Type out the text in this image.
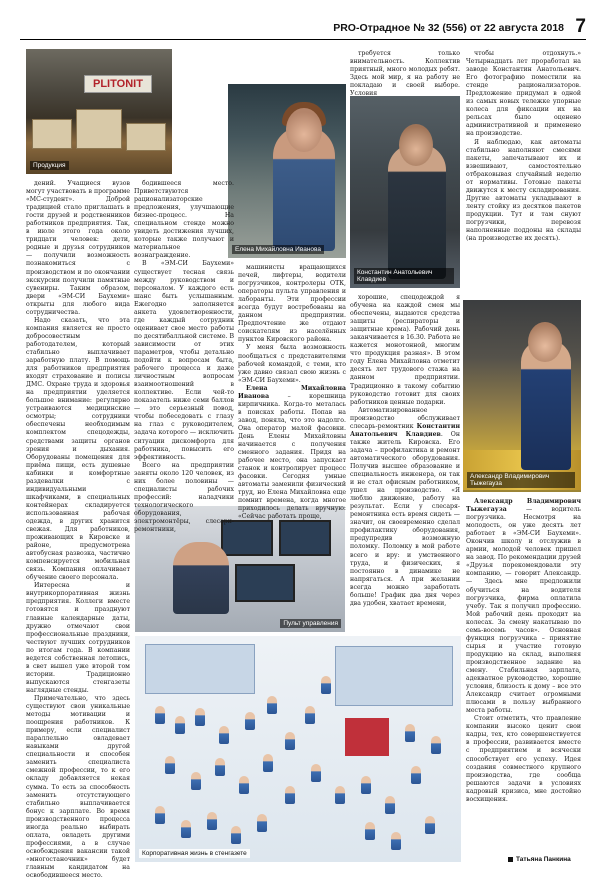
PRO-Отрадное № 32 (556) от 22 августа 2018 7
PLITONIT
Продукция
Елена Михайловна Иванова
Константин Анатольевич Клавдиев
Александр Владимирович Тыжегауза
Пульт управления
Корпоративная жизнь в стенгазете

дений. Учащиеся вузов могут участвовать в программе «МС-студент». Доброй традицией стало приглашать в гости друзей и родственников работников предприятия. Так, в июле этого года около тридцати человек: дети, родные и друзья сотрудников — получили возможность познакомиться с производством и по окончании экскурсии получили памятные сувениры. Таким образом, двери «ЭМ-СИ Баухеми» открыты для любого вида сотрудничества.

Надо сказать, что эта компания является не просто добросовестным работодателем, который стабильно выплачивает заработную плату. В помощь для работников предприятия входят страхование и полисы ДМС. Охране труда и здоровья на предприятии уделяется большое внимание: регулярно устраиваются медицинские осмотры; сотрудники обеспечены необходимым комплектом спецодежды, средствами защиты органов зрения и дыхания. Оборудованы помещения для приёма пищи, есть душевые кабинки и комфортные раздевалки с индивидуальными шкафчиками, в специальных контейнерах складируется использованная рабочая одежда, в других хранится свежая. Для работников, проживающих в Кировске и районе, предусмотрена автобусная развозка, частично компенсируется мобильная связь. Компания оплачивает обучение своего персонала.

Интересна и внутрикорпоративная жизнь предприятия. Коллеги вместе готовятся и празднуют главные календарные даты, дружно отмечают свои профессиональные праздники, чествуют лучших сотрудников по итогам года. В компании ведется собственная летопись, в свет вышел уже второй том истории. Традиционно выпускаются стенгазеты наглядные стенды.

Примечательно, что здесь существуют свои уникальные методы мотивации и поощрения работников. К примеру, если специалист параллельно овладевает навыками другой специальности и способен заменить специалиста смежной профессии, то к его окладу добавляется некая сумма. То есть за способность заменить отсутствующего стабильно выплачивается бонус к зарплате. Во время производственного процесса иногда реально выбирать оплата, овладеть другими профессиями, а в случае освобождения вакансии такой «многостаночник» будет главным кандидатом на освободившееся место.

бодившееся место. Приветствуются рационализаторские предложения, улучшающие бизнес-процесс. На специальном стенде можно увидеть достижения лучших, которые также получают и материальное вознаграждение.

В «ЭМ-СИ Баухеми» существует тесная связь между руководством и персоналом. У каждого есть шанс быть услышанным. Ежегодно заполняется анкета удовлетворенности, где каждый сотрудник оценивает свое место работы по десятибалльной системе. В зависимости от этих параметров, чтобы детально подойти к вопросам быта, рабочего процесса и даже личностным вопросам взаимоотношений в коллективе. Если чей-то показатель ниже семи баллов — это серьезный повод, чтобы побеседовать с глазу на глаз с руководителем, задача которого — исключить ситуации дискомфорта для работника, повысить его эффективность.

Всего на предприятии заняты около 120 человек, из них более половины — специалисты рабочих профессий: наладчики технологического оборудования, электромонтёры, слесари-ремонтники,

машинисты вращающихся печей, лифтеры, водители погрузчиков, контролеры ОТК, операторы пульта управления и лаборанты. Эти профессии всегда будут востребованы на данном предприятии. Предпочтение же отдают соискателям из населённых пунктов Кировского района.

У меня была возможность пообщаться с представителями рабочей командой, с теми, кто уже давно связал свою жизнь с «ЭМ-СИ Баухеми».

Елена Михайловна Иванова – корешница кирпичника. Когда-то металась в поисках работы. Попав на завод, поняла, что это надолго. Она оператор малой фасовки. День Елены Михайловны начинается с получения сменного задания. Придя на рабочее место, она запускает станок и контролирует процесс фасовки. Сегодня умные автоматы заменили физический труд, но Елена Михайловна еще помнит времена, когда многое приходилось делать вручную: «Сейчас работать проще,

требуется только внимательность. Коллектив приятный, много молодых ребят. Здесь мой мир, я на работу не покладаю и своей выборе. Условия

хорошие, спецодеждой я обучена на каждой смен мы обеспечены, выдаются средства защиты (респираторы и защитные крема). Рабочий день заканчивается в 16.30. Работа не кажется монотонной, многим что продукция разная». В этом году Елена Михайловна отметит десять лет трудового стажа на данном предприятии. Традиционно в такому событию руководство готовит для своих работников ценные подарки.

Автоматизированное производство обслуживает слесарь-ремонтник Константин Анатольевич Клавдиев. Он также житель Кировска. Его задача – профилактика и ремонт автоматического оборудования. Получив высшее образование и специальность инженера, он так и не стал офисным работником, ушел на производство. «Я люблю движение, работу на результат. Если у слесаря-ремонтника есть время сидеть — значит, он своевременно сделал профилактику оборудования, предупредив возможную поломку. Поломку в мой работе всего и вру: и умственного труда, и физических, я постоянно в динамике не напрягаться. А при желании всегда можно заработать больше! График два дня через два удобен, хватает времени,

чтобы отдохнуть.» Четырнадцать лет проработал на заводе Константин Анатольевич. Его фотографию поместили на стенде рационализаторов. Предложение придумал в одной из самых новых тележке упорные колеса для фиксации их на рельсах было оценено административной и применено на производстве.

Я наблюдаю, как автоматы стабильно наполняют смесями пакеты, запечатывают их и взвешивают, самостоятельно отбраковывая случайный неделю от нормативы. Готовые пакеты движутся к месту складирования. Другие автоматы укладывают в ленту стойку из десятков пакетов продукции. Тут и там снуют погрузчики, перевозя наполненные поддоны на склады (на производстве их десять).

Александр Владимирович Тыжегауза — водитель погрузчика. Несмотря на молодость, он уже десять лет работает в «ЭМ-СИ Баухеми». Окончив школу и отслужив в армии, молодой человек пришел на завод. По рекомендации друзей «Друзья порекомендовали эту компанию, — говорит Александр. — Здесь мне предложили обучиться на водителя погрузчика, фирма оплатила учебу. Так я получил профессию. Мой рабочий день проходит на колесах. За смену накатываю по семь-восемь часов». Основная функция погрузчика – принятие сырья и участие готовую продукцию на склад, выполняя производственное задание на смену. Стабильная зарплата, адекватное руководство, хорошие условия, близость к дому – все это Александр считает огромными плюсами в пользу выбранного места работы.

Стоит отметить, что правление компании высоко ценит свои кадры, тех, кто совершенствуется в профессии, развивается вместе с предприятием и всячески способствует его успеху. Идея создания совместного крупного производства, где сообща решаются задачи в условиях кадровый кризиса, мне достойно восхищения.

Татьяна Панкина
